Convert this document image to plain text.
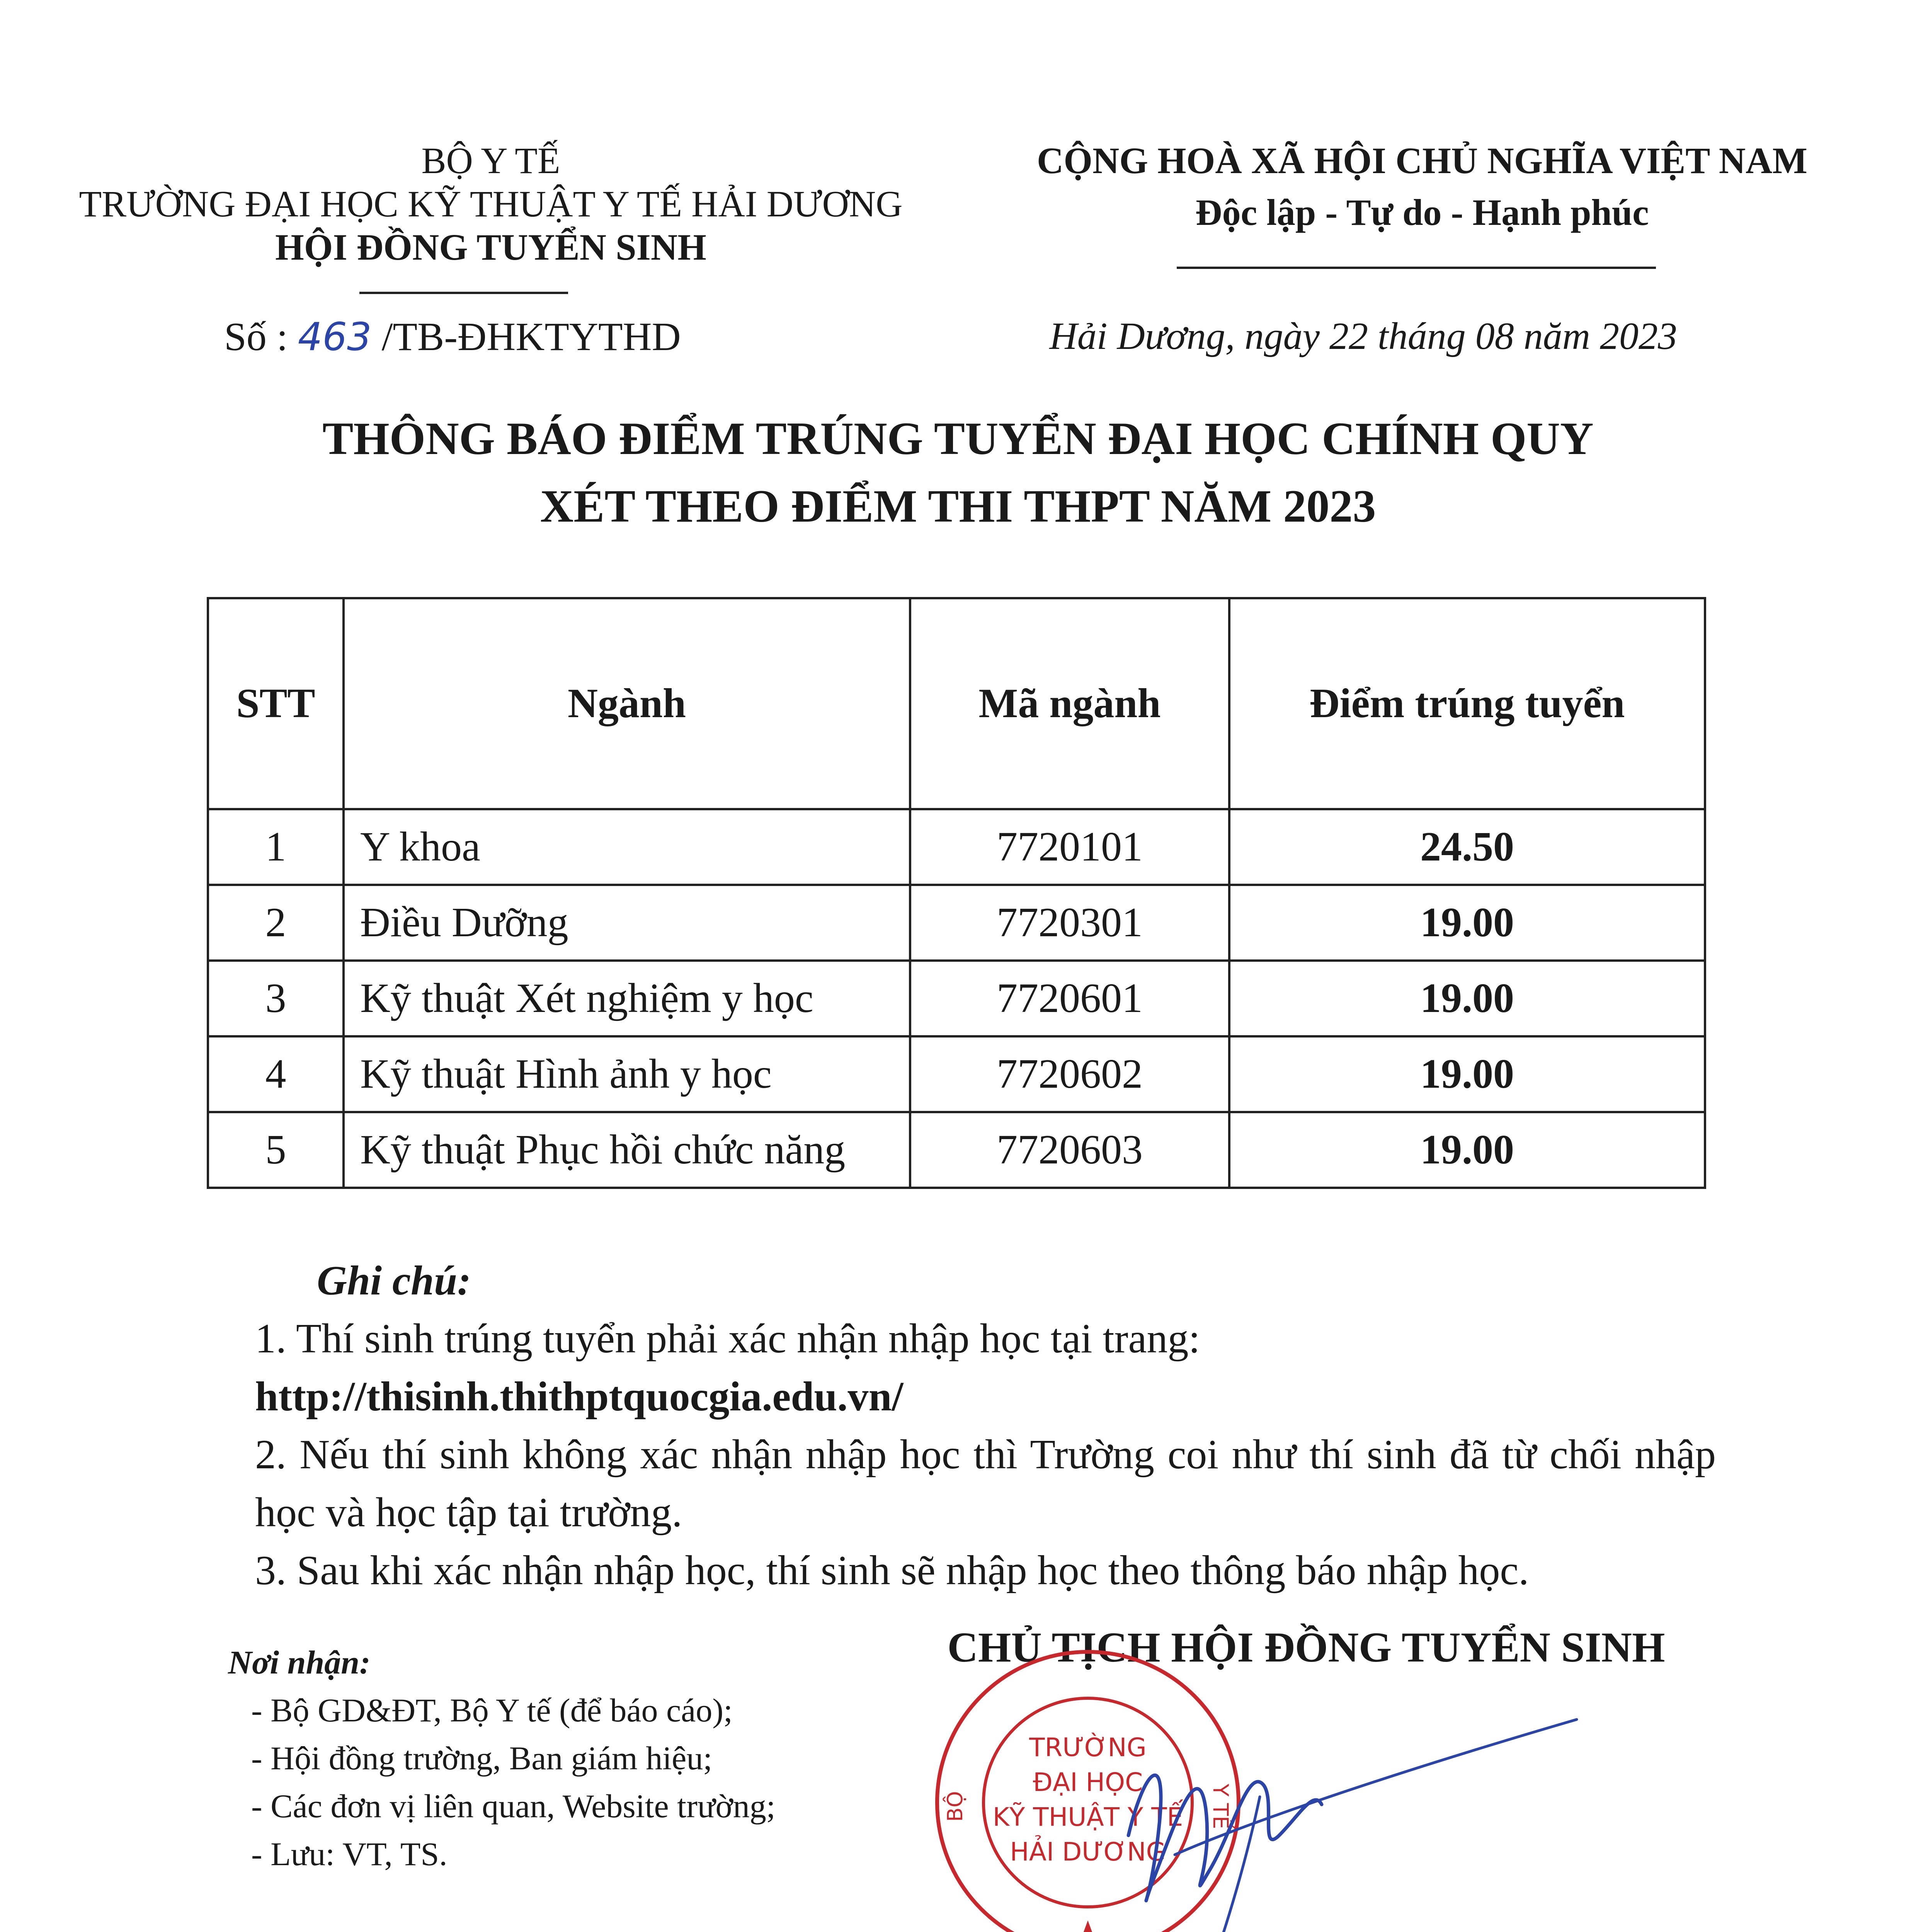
BỘ Y TẾ
TRƯỜNG ĐẠI HỌC KỸ THUẬT Y TẾ HẢI DƯƠNG
HỘI ĐỒNG TUYỂN SINH
CỘNG HOÀ XÃ HỘI CHỦ NGHĨA VIỆT NAM
Độc lập - Tự do - Hạnh phúc
Số : 463 /TB-ĐHKTYTHD	Hải Dương, ngày 22 tháng 08 năm 2023
THÔNG BÁO ĐIỂM TRÚNG TUYỂN ĐẠI HỌC CHÍNH QUY
XÉT THEO ĐIỂM THI THPT NĂM 2023
STT	Ngành	Mã ngành	Điểm trúng tuyển
1	Y khoa	7720101	24.50
2	Điều Dưỡng	7720301	19.00
3	Kỹ thuật Xét nghiệm y học	7720601	19.00
4	Kỹ thuật Hình ảnh y học	7720602	19.00
5	Kỹ thuật Phục hồi chức năng	7720603	19.00
Ghi chú:

1. Thí sinh trúng tuyển phải xác nhận nhập học tại trang:

http://thisinh.thithptquocgia.edu.vn/

2. Nếu thí sinh không xác nhận nhập học thì Trường coi như thí sinh đã từ chối nhập học và học tập tại trường.

3. Sau khi xác nhận nhập học, thí sinh sẽ nhập học theo thông báo nhập học.

Nơi nhận:
- Bộ GD&ĐT, Bộ Y tế (để báo cáo);
- Hội đồng trường, Ban giám hiệu;
- Các đơn vị liên quan, Website trường;
- Lưu: VT, TS.
CHỦ TỊCH HỘI ĐỒNG TUYỂN SINH
TRƯỜNG
ĐẠI HỌC
KỸ THUẬT Y TẾ
HẢI DƯƠNG
BỘ	Y TẾ
